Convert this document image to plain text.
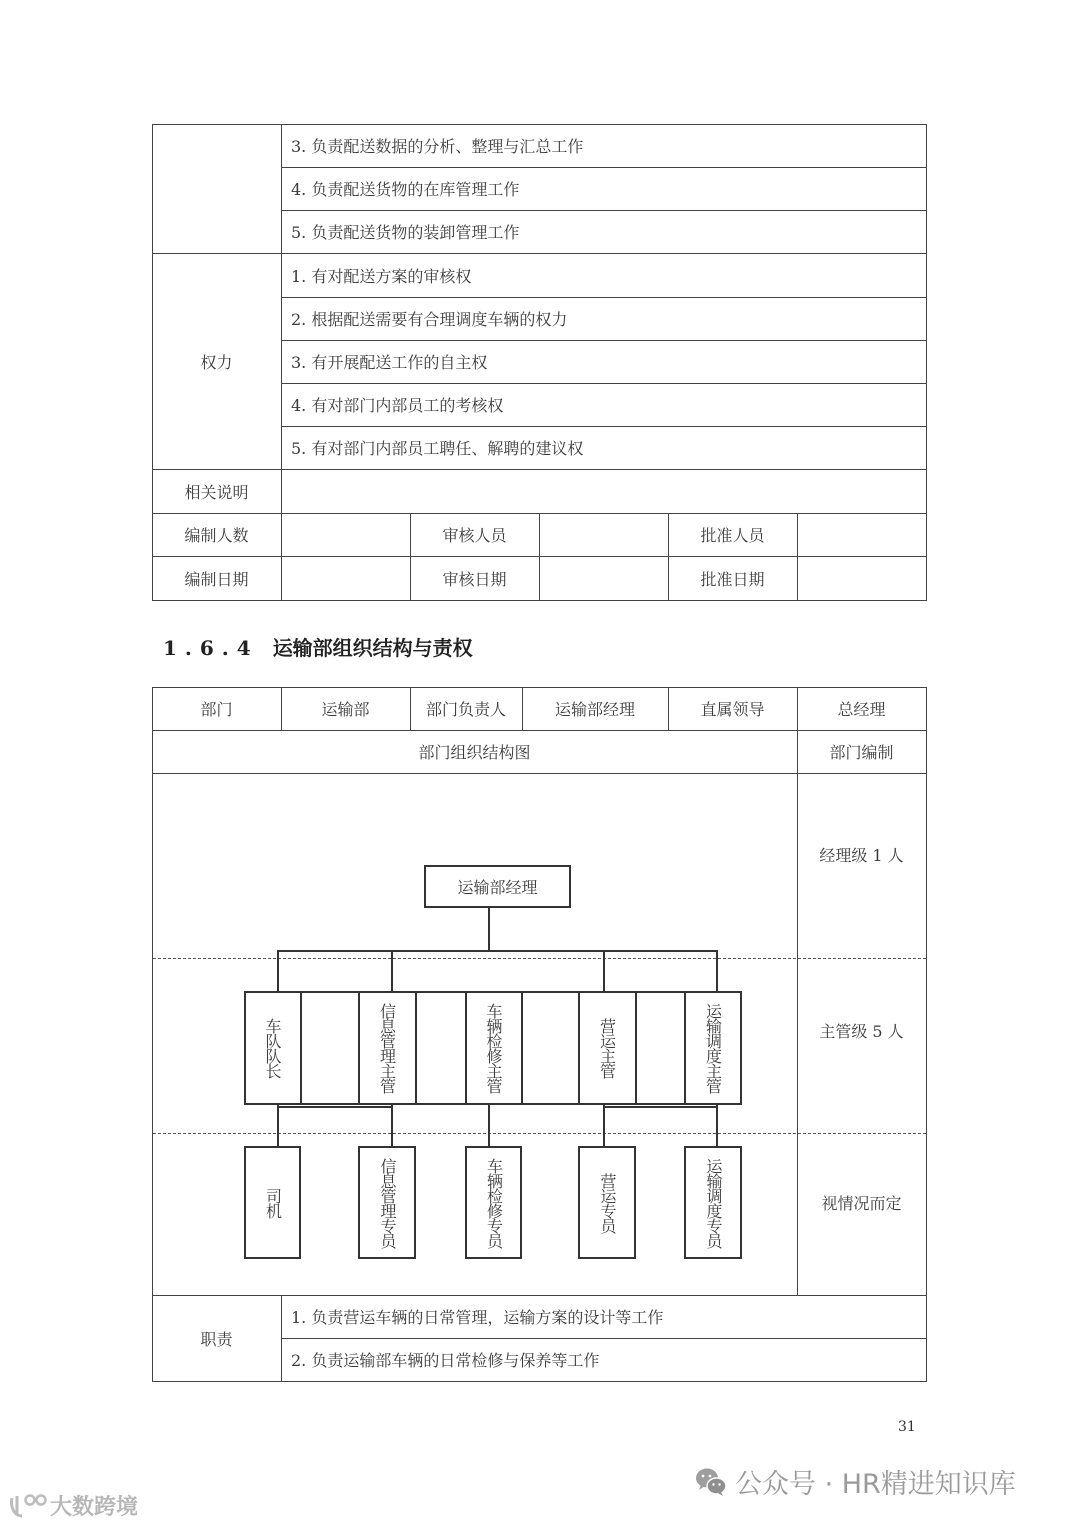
3. 负责配送数据的分析、整理与汇总工作
4. 负责配送货物的在库管理工作
5. 负责配送货物的装卸管理工作
权力
1. 有对配送方案的审核权
2. 根据配送需要有合理调度车辆的权力
3. 有开展配送工作的自主权
4. 有对部门内部员工的考核权
5. 有对部门内部员工聘任、解聘的建议权
相关说明
编制人数	审核人员	批准人员
编制日期	审核日期	批准日期
1.6.4 运输部组织结构与责权
部门	运输部	部门负责人	运输部经理	直属领导	总经理
部门组织结构图	部门编制
经理级 1 人
主管级 5 人
视情况而定
运输部经理
车队队长	信息管理主管	车辆检修主管	营运主管	运输调度主管
司机	信息管理专员	车辆检修专员	营运专员	运输调度专员
职责
1. 负责营运车辆的日常管理，运输方案的设计等工作
2. 负责运输部车辆的日常检修与保养等工作
31
公众号 · HR精进知识库
大数跨境
